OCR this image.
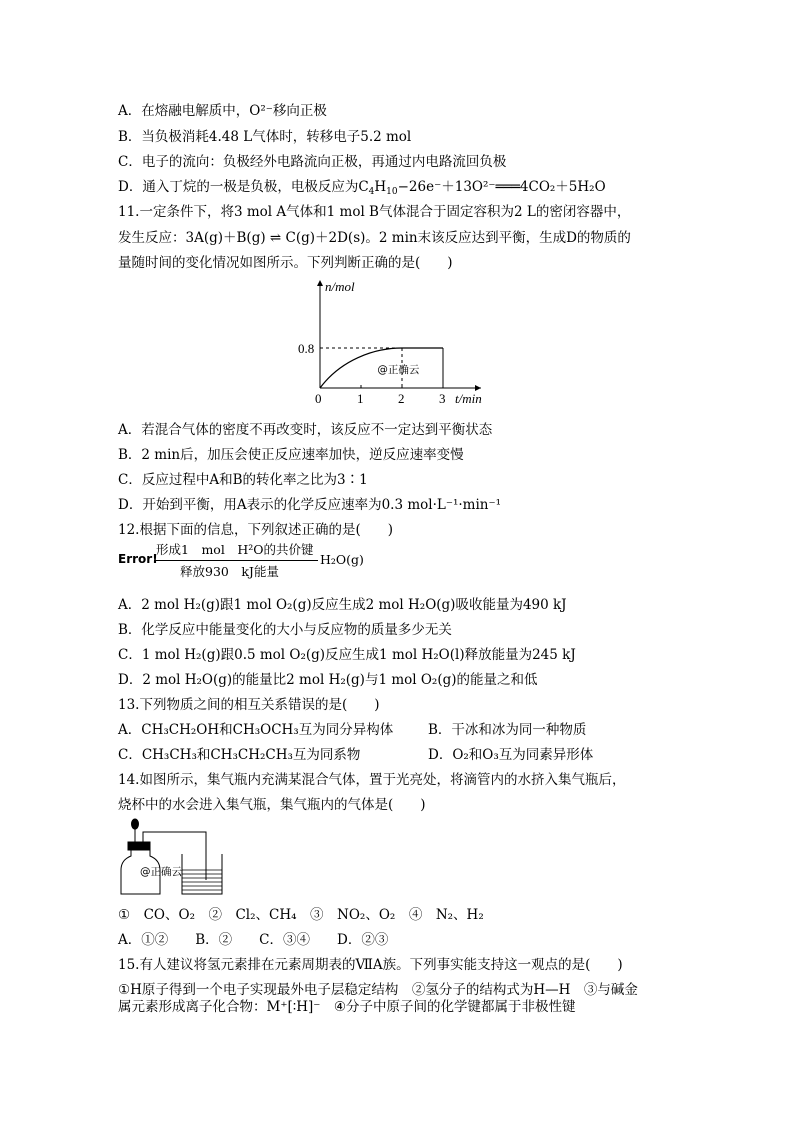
A．在熔融电解质中，O²⁻移向正极
B．当负极消耗4.48 L气体时，转移电子5.2 mol
C．电子的流向：负极经外电路流向正极，再通过内电路流回负极
D．通入丁烷的一极是负极，电极反应为$C_4H_{10}-26e^-+13O^{2-}═══4CO_2+5H_2O$
11.一定条件下，将3 mol A气体和1 mol B气体混合于固定容积为2 L的密闭容器中，
发生反应：3A(g)＋B(g) ⇌ C(g)＋2D(s)。2 min末该反应达到平衡，生成D的物质的
量随时间的变化情况如图所示。下列判断正确的是(　　)
n/mol
t/min
0	1	2	3
0.8
@正确云
A．若混合气体的密度不再改变时，该反应不一定达到平衡状态
B．2 min后，加压会使正反应速率加快，逆反应速率变慢
C．反应过程中A和B的转化率之比为3∶1
D．开始到平衡，用A表示的化学反应速率为0.3 mol·L⁻¹·min⁻¹
12.根据下面的信息，下列叙述正确的是(　　)
Error!
形成1　mol　H²O的共价键
释放930　kJ能量
H₂O(g)
A．2 mol H₂(g)跟1 mol O₂(g)反应生成2 mol H₂O(g)吸收能量为490 kJ
B．化学反应中能量变化的大小与反应物的质量多少无关
C．1 mol H₂(g)跟0.5 mol O₂(g)反应生成1 mol H₂O(l)释放能量为245 kJ
D．2 mol H₂O(g)的能量比2 mol H₂(g)与1 mol O₂(g)的能量之和低
13.下列物质之间的相互关系错误的是(　　)
A．CH₃CH₂OH和CH₃OCH₃互为同分异构体	B．干冰和冰为同一种物质
C．CH₃CH₃和CH₃CH₂CH₃互为同系物	D．O₂和O₃互为同素异形体
14.如图所示，集气瓶内充满某混合气体，置于光亮处，将滴管内的水挤入集气瓶后，
烧杯中的水会进入集气瓶，集气瓶内的气体是(　　)
@正确云
①　CO、O₂　②　Cl₂、CH₄　③　NO₂、O₂　④　N₂、H₂
A．①②　　B．②　　C．③④　　D．②③
15.有人建议将氢元素排在元素周期表的ⅦA族。下列事实能支持这一观点的是(　　)
①H原子得到一个电子实现最外电子层稳定结构　②氢分子的结构式为H—H　③与碱金
属元素形成离子化合物：M⁺[∶H]⁻　④分子中原子间的化学键都属于非极性键
